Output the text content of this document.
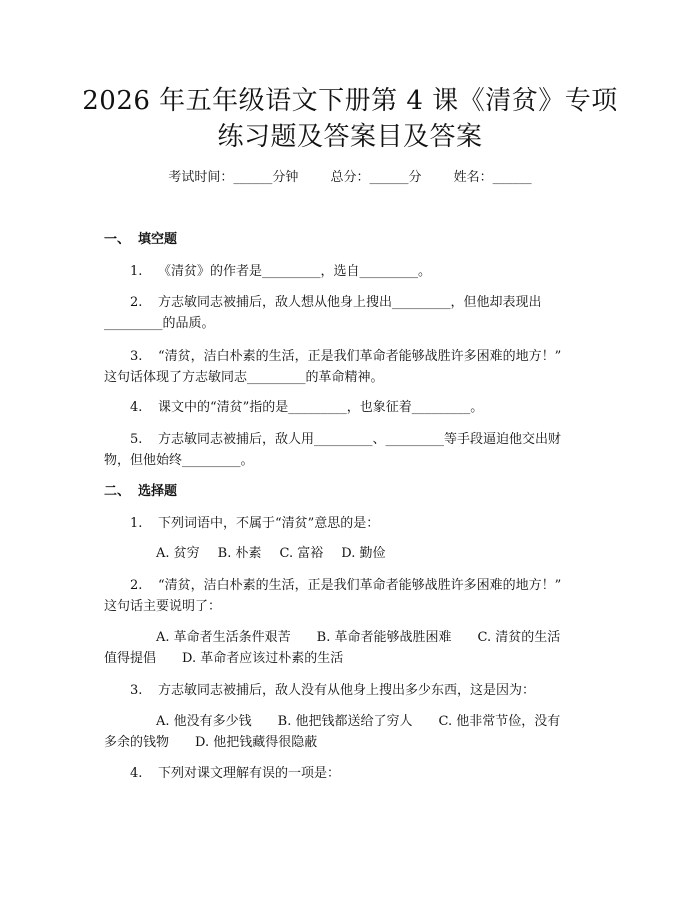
2026 年五年级语文下册第 4 课《清贫》专项
练习题及答案目及答案
考试时间：______分钟 总分：______分 姓名：______
一、 填空题
1. 《清贫》的作者是_________，选自_________。
2. 方志敏同志被捕后，敌人想从他身上搜出_________，但他却表现出
_________的品质。
3. “清贫，洁白朴素的生活，正是我们革命者能够战胜许多困难的地方！”
这句话体现了方志敏同志_________的革命精神。
4. 课文中的“清贫”指的是_________，也象征着_________。
5. 方志敏同志被捕后，敌人用_________、_________等手段逼迫他交出财
物，但他始终_________。
二、 选择题
1. 下列词语中，不属于“清贫”意思的是：
A. 贫穷 B. 朴素 C. 富裕 D. 勤俭
2. “清贫，洁白朴素的生活，正是我们革命者能够战胜许多困难的地方！”
这句话主要说明了：
A. 革命者生活条件艰苦　　B. 革命者能够战胜困难　　C. 清贫的生活
值得提倡　　D. 革命者应该过朴素的生活
3. 方志敏同志被捕后，敌人没有从他身上搜出多少东西，这是因为：
A. 他没有多少钱　　B. 他把钱都送给了穷人　　C. 他非常节俭，没有
多余的钱物　　D. 他把钱藏得很隐蔽
4. 下列对课文理解有误的一项是：
